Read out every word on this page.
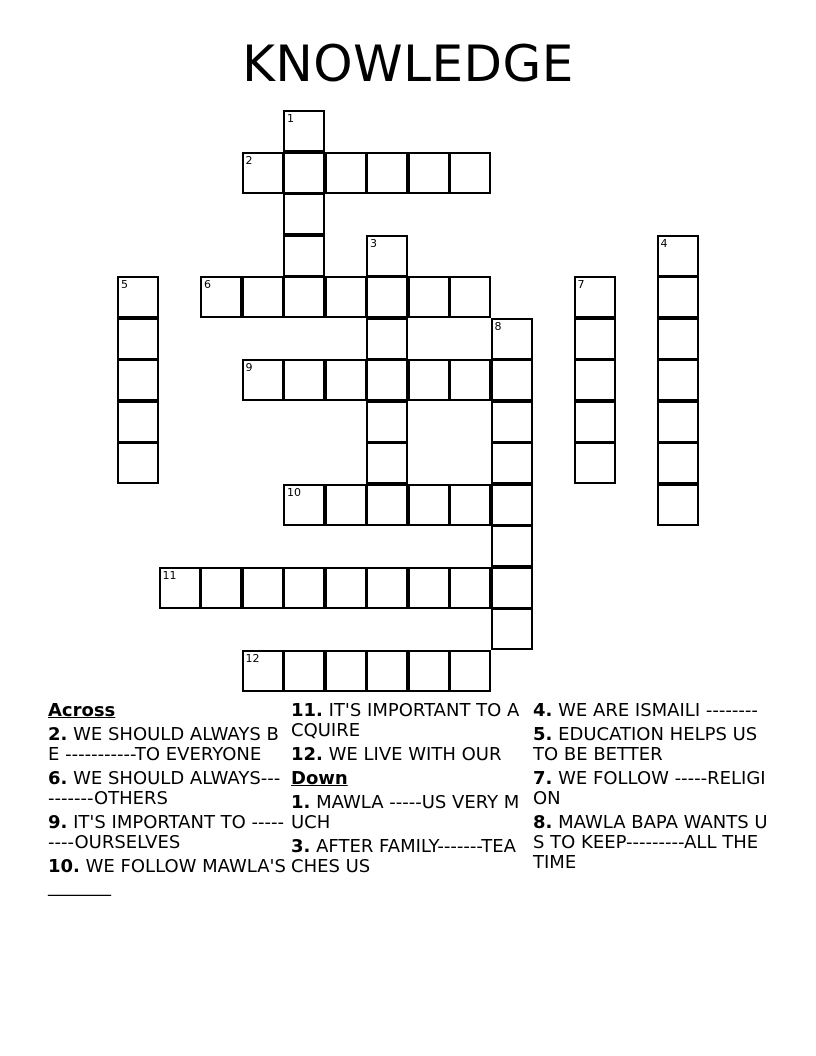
KNOWLEDGE
2
6
9
10
11
12
1
3	4
5	7
8
Across
2. WE SHOULD ALWAYS BE -----------TO EVERYONE
6. WE SHOULD ALWAYS----------OTHERS
9. IT'S IMPORTANT TO ---------OURSELVES
10. WE FOLLOW MAWLA'S _______
11. IT'S IMPORTANT TO ACQUIRE
12. WE LIVE WITH OUR
Down
1. MAWLA -----US VERY MUCH
3. AFTER FAMILY-------TEACHES US
4. WE ARE ISMAILI --------
5. EDUCATION HELPS US TO BE BETTER
7. WE FOLLOW -----RELIGION
8. MAWLA BAPA WANTS US TO KEEP---------ALL THE TIME
